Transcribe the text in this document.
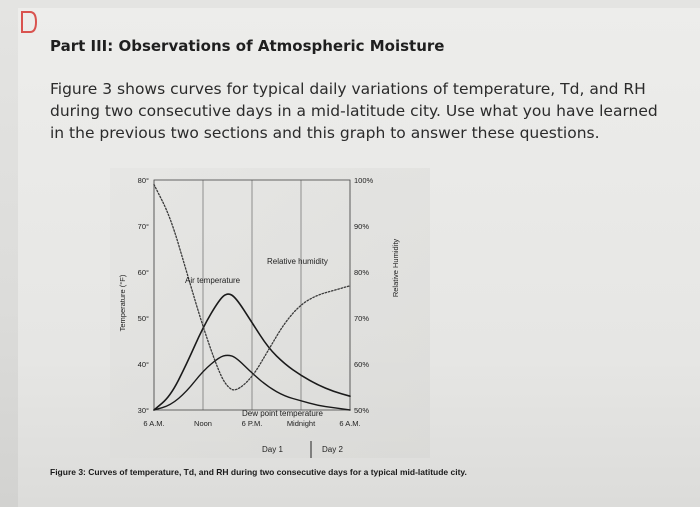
Part III: Observations of Atmospheric Moisture
Figure 3 shows curves for typical daily variations of temperature, Td, and RH during two consecutive days in a mid-latitude city. Use what you have learned in the previous two sections and this graph to answer these questions.
80°
70°
60°
50°
40°
30°
100%
90%
80%
70%
60%
50%
6 A.M.	Noon	6 P.M.	Midnight	6 A.M.
Temperature (°F)
Relative Humidity
Relative humidity
Air temperature
Dew point temperature
Day 1	Day 2
Figure 3: Curves of temperature, Td, and RH during two consecutive days for a typical mid-latitude city.
